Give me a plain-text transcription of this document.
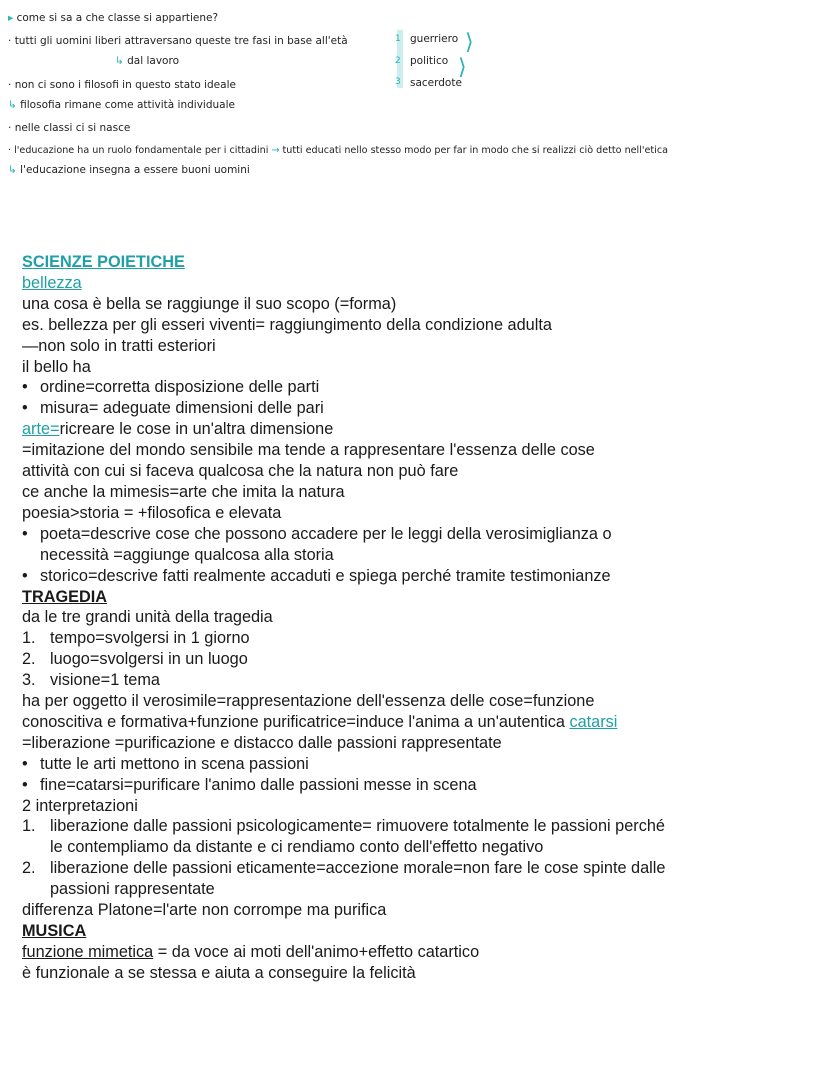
▸ come si sa a che classe si appartiene?
· tutti gli uomini liberi attraversano queste tre fasi in base all'età
↳ dal lavoro
1 guerriero
2 politico
3 sacerdote
⟩
⟩
· non ci sono i filosofi in questo stato ideale
↳ filosofia rimane come attività individuale
· nelle classi ci si nasce
· l'educazione ha un ruolo fondamentale per i cittadini → tutti educati nello stesso modo per far in modo che si realizzi ciò detto nell'etica
↳ l'educazione insegna a essere buoni uomini
SCIENZE POIETICHE
bellezza
una cosa è bella se raggiunge il suo scopo (=forma)
es. bellezza per gli esseri viventi= raggiungimento della condizione adulta
—non solo in tratti esteriori
il bello ha
• ordine=corretta disposizione delle parti
• misura= adeguate dimensioni delle pari
arte=ricreare le cose in un'altra dimensione
=imitazione del mondo sensibile ma tende a rappresentare l'essenza delle cose
attività con cui si faceva qualcosa che la natura non può fare
ce anche la mimesis=arte che imita la natura
poesia>storia = +filosofica e elevata
• poeta=descrive cose che possono accadere per le leggi della verosimiglianza o
necessità =aggiunge qualcosa alla storia
• storico=descrive fatti realmente accaduti e spiega perché tramite testimonianze
TRAGEDIA
da le tre grandi unità della tragedia
1. tempo=svolgersi in 1 giorno
2. luogo=svolgersi in un luogo
3. visione=1 tema
ha per oggetto il verosimile=rappresentazione dell'essenza delle cose=funzione
conoscitiva e formativa+funzione purificatrice=induce l'anima a un'autentica catarsi
=liberazione =purificazione e distacco dalle passioni rappresentate
• tutte le arti mettono in scena passioni
• fine=catarsi=purificare l'animo dalle passioni messe in scena
2 interpretazioni
1. liberazione dalle passioni psicologicamente= rimuovere totalmente le passioni perché
le contempliamo da distante e ci rendiamo conto dell'effetto negativo
2. liberazione delle passioni eticamente=accezione morale=non fare le cose spinte dalle
passioni rappresentate
differenza Platone=l'arte non corrompe ma purifica
MUSICA
funzione mimetica = da voce ai moti dell'animo+effetto catartico
è funzionale a se stessa e aiuta a conseguire la felicità
